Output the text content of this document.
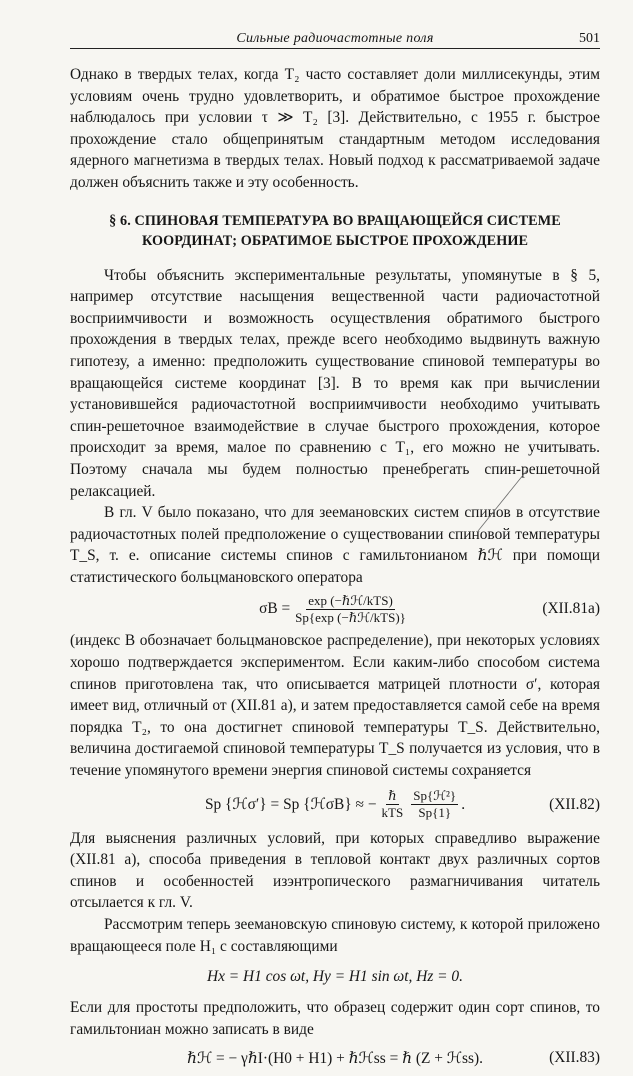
Сильные радиочастотные поля	501

Однако в твердых телах, когда T₂ часто составляет доли миллисекунды, этим условиям очень трудно удовлетворить, и обратимое быстрое прохождение наблюдалось при условии τ ≫ T₂ [3]. Действительно, с 1955 г. быстрое прохождение стало общепринятым стандартным методом исследования ядерного магнетизма в твердых телах. Новый подход к рассматриваемой задаче должен объяснить также и эту особенность.

§ 6. СПИНОВАЯ ТЕМПЕРАТУРА ВО ВРАЩАЮЩЕЙСЯ СИСТЕМЕ КООРДИНАТ; ОБРАТИМОЕ БЫСТРОЕ ПРОХОЖДЕНИЕ

Чтобы объяснить экспериментальные результаты, упомянутые в § 5, например отсутствие насыщения вещественной части радиочастотной восприимчивости и возможность осуществления обратимого быстрого прохождения в твердых телах, прежде всего необходимо выдвинуть важную гипотезу, а именно: предположить существование спиновой температуры во вращающейся системе координат [3]. В то время как при вычислении установившейся радиочастотной восприимчивости необходимо учитывать спин-решеточное взаимодействие в случае быстрого прохождения, которое происходит за время, малое по сравнению с T₁, его можно не учитывать. Поэтому сначала мы будем полностью пренебрегать спин-решеточной релаксацией.

В гл. V было показано, что для зеемановских систем спинов в отсутствие радиочастотных полей предположение о существовании спиновой температуры T_S, т. е. описание системы спинов с гамильтонианом ℏℋ при помощи статистического больцмановского оператора

$\sigma B = \frac{\text{exp (−ℏℋ/kTS)}}{\text{Sp\{exp (−ℏℋ/kTS)\}}}$	(XII.81a)

(индекс B обозначает больцмановское распределение), при некоторых условиях хорошо подтверждается экспериментом. Если каким-либо способом система спинов приготовлена так, что описывается матрицей плотности σ′, которая имеет вид, отличный от (XII.81 а), и затем предоставляется самой себе на время порядка T₂, то она достигнет спиновой температуры T_S. Действительно, величина достигаемой спиновой температуры T_S получается из условия, что в течение упомянутого времени энергия спиновой системы сохраняется

Sp {ℋσ′} = Sp {ℋσB} ≈ − $\frac{\text{ℏ}}{\text{kTS}} \frac{\text{Sp\{ℋ²\}}}{Sp\{1\}}$ .	(XII.82)

Для выяснения различных условий, при которых справедливо выражение (XII.81 а), способа приведения в тепловой контакт двух различных сортов спинов и особенностей изэнтропического размагничивания читатель отсылается к гл. V.

Рассмотрим теперь зеемановскую спиновую систему, к которой приложено вращающееся поле H₁ с составляющими

Hx = H1 cos ωt, Hy = H1 sin ωt, Hz = 0.

Если для простоты предположить, что образец содержит один сорт спинов, то гамильтониан можно записать в виде

ℏℋ = − γℏI·(H0 + H1) + ℏℋss = ℏ (Z + ℋss).	(XII.83)
